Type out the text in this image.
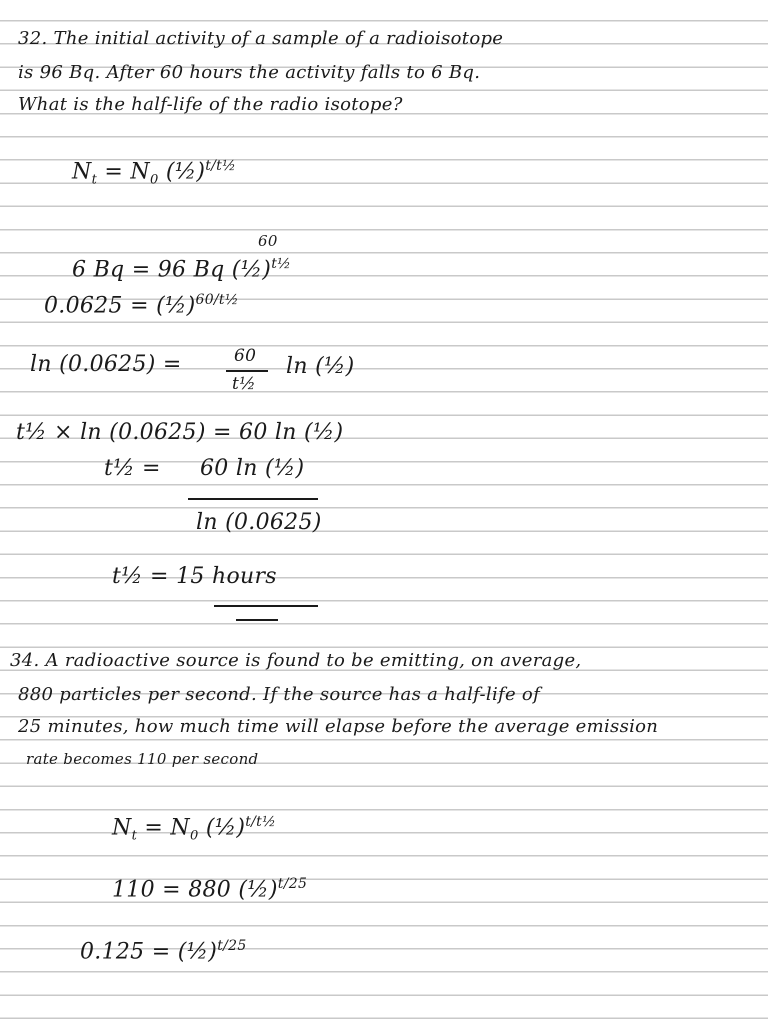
32. The initial activity of a sample of a radioisotope
is 96 Bq. After 60 hours the activity falls to 6 Bq.
What is the half-life of the radio isotope?
$N_t = N_0$ (½)$^{t/t\frac{1}{2}}$
60
6 Bq = 96 Bq (½)$^{t\frac{1}{2}}$
0.0625 = (½)$^{60/t\frac{1}{2}}$
ln (0.0625) =	60
t½
ln (½)
t½ × ln (0.0625) = 60 ln (½)
t½ = 60 ln (½)
ln (0.0625)
t½ = 15 hours
34. A radioactive source is found to be emitting, on average,
880 particles per second. If the source has a half-life of
25 minutes, how much time will elapse before the average emission
rate becomes 110 per second
$N_t = N_0$ (½)$^{t/t\frac{1}{2}}$
110 = 880 (½)$^{t/25}$
0.125 = (½)$^{t/25}$
